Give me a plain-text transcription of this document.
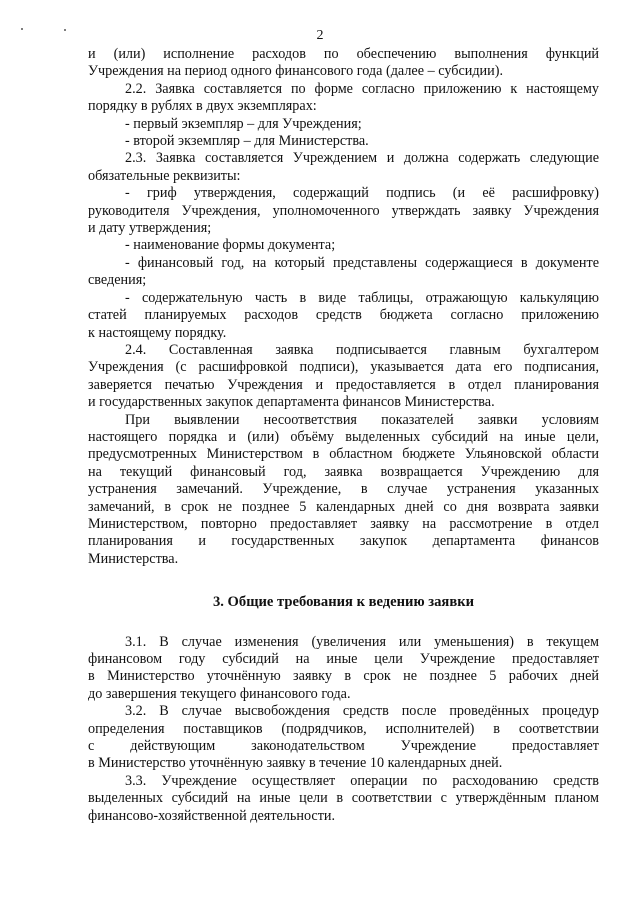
2

и (или) исполнение расходов по обеспечению выполнения функций

Учреждения на период одного финансового года (далее – субсидии).

2.2. Заявка составляется по форме согласно приложению к настоящему

порядку в рублях в двух экземплярах:

- первый экземпляр – для Учреждения;

- второй экземпляр – для Министерства.

2.3. Заявка составляется Учреждением и должна содержать следующие

обязательные реквизиты:

- гриф утверждения, содержащий подпись (и её расшифровку)

руководителя Учреждения, уполномоченного утверждать заявку Учреждения

и дату утверждения;

- наименование формы документа;

- финансовый год, на который представлены содержащиеся в документе

сведения;

- содержательную часть в виде таблицы, отражающую калькуляцию

статей планируемых расходов средств бюджета согласно приложению

к настоящему порядку.

2.4. Составленная заявка подписывается главным бухгалтером

Учреждения (с расшифровкой подписи), указывается дата его подписания,

заверяется печатью Учреждения и предоставляется в отдел планирования

и государственных закупок департамента финансов Министерства.

При выявлении несоответствия показателей заявки условиям

настоящего порядка и (или) объёму выделенных субсидий на иные цели,

предусмотренных Министерством в областном бюджете Ульяновской области

на текущий финансовый год, заявка возвращается Учреждению для

устранения замечаний. Учреждение, в случае устранения указанных

замечаний, в срок не позднее 5 календарных дней со дня возврата заявки

Министерством, повторно предоставляет заявку на рассмотрение в отдел

планирования и государственных закупок департамента финансов

Министерства.

3. Общие требования к ведению заявки

3.1. В случае изменения (увеличения или уменьшения) в текущем

финансовом году субсидий на иные цели Учреждение предоставляет

в Министерство уточнённую заявку в срок не позднее 5 рабочих дней

до завершения текущего финансового года.

3.2. В случае высвобождения средств после проведённых процедур

определения поставщиков (подрядчиков, исполнителей) в соответствии

с действующим законодательством Учреждение предоставляет

в Министерство уточнённую заявку в течение 10 календарных дней.

3.3. Учреждение осуществляет операции по расходованию средств

выделенных субсидий на иные цели в соответствии с утверждённым планом

финансово-хозяйственной деятельности.
